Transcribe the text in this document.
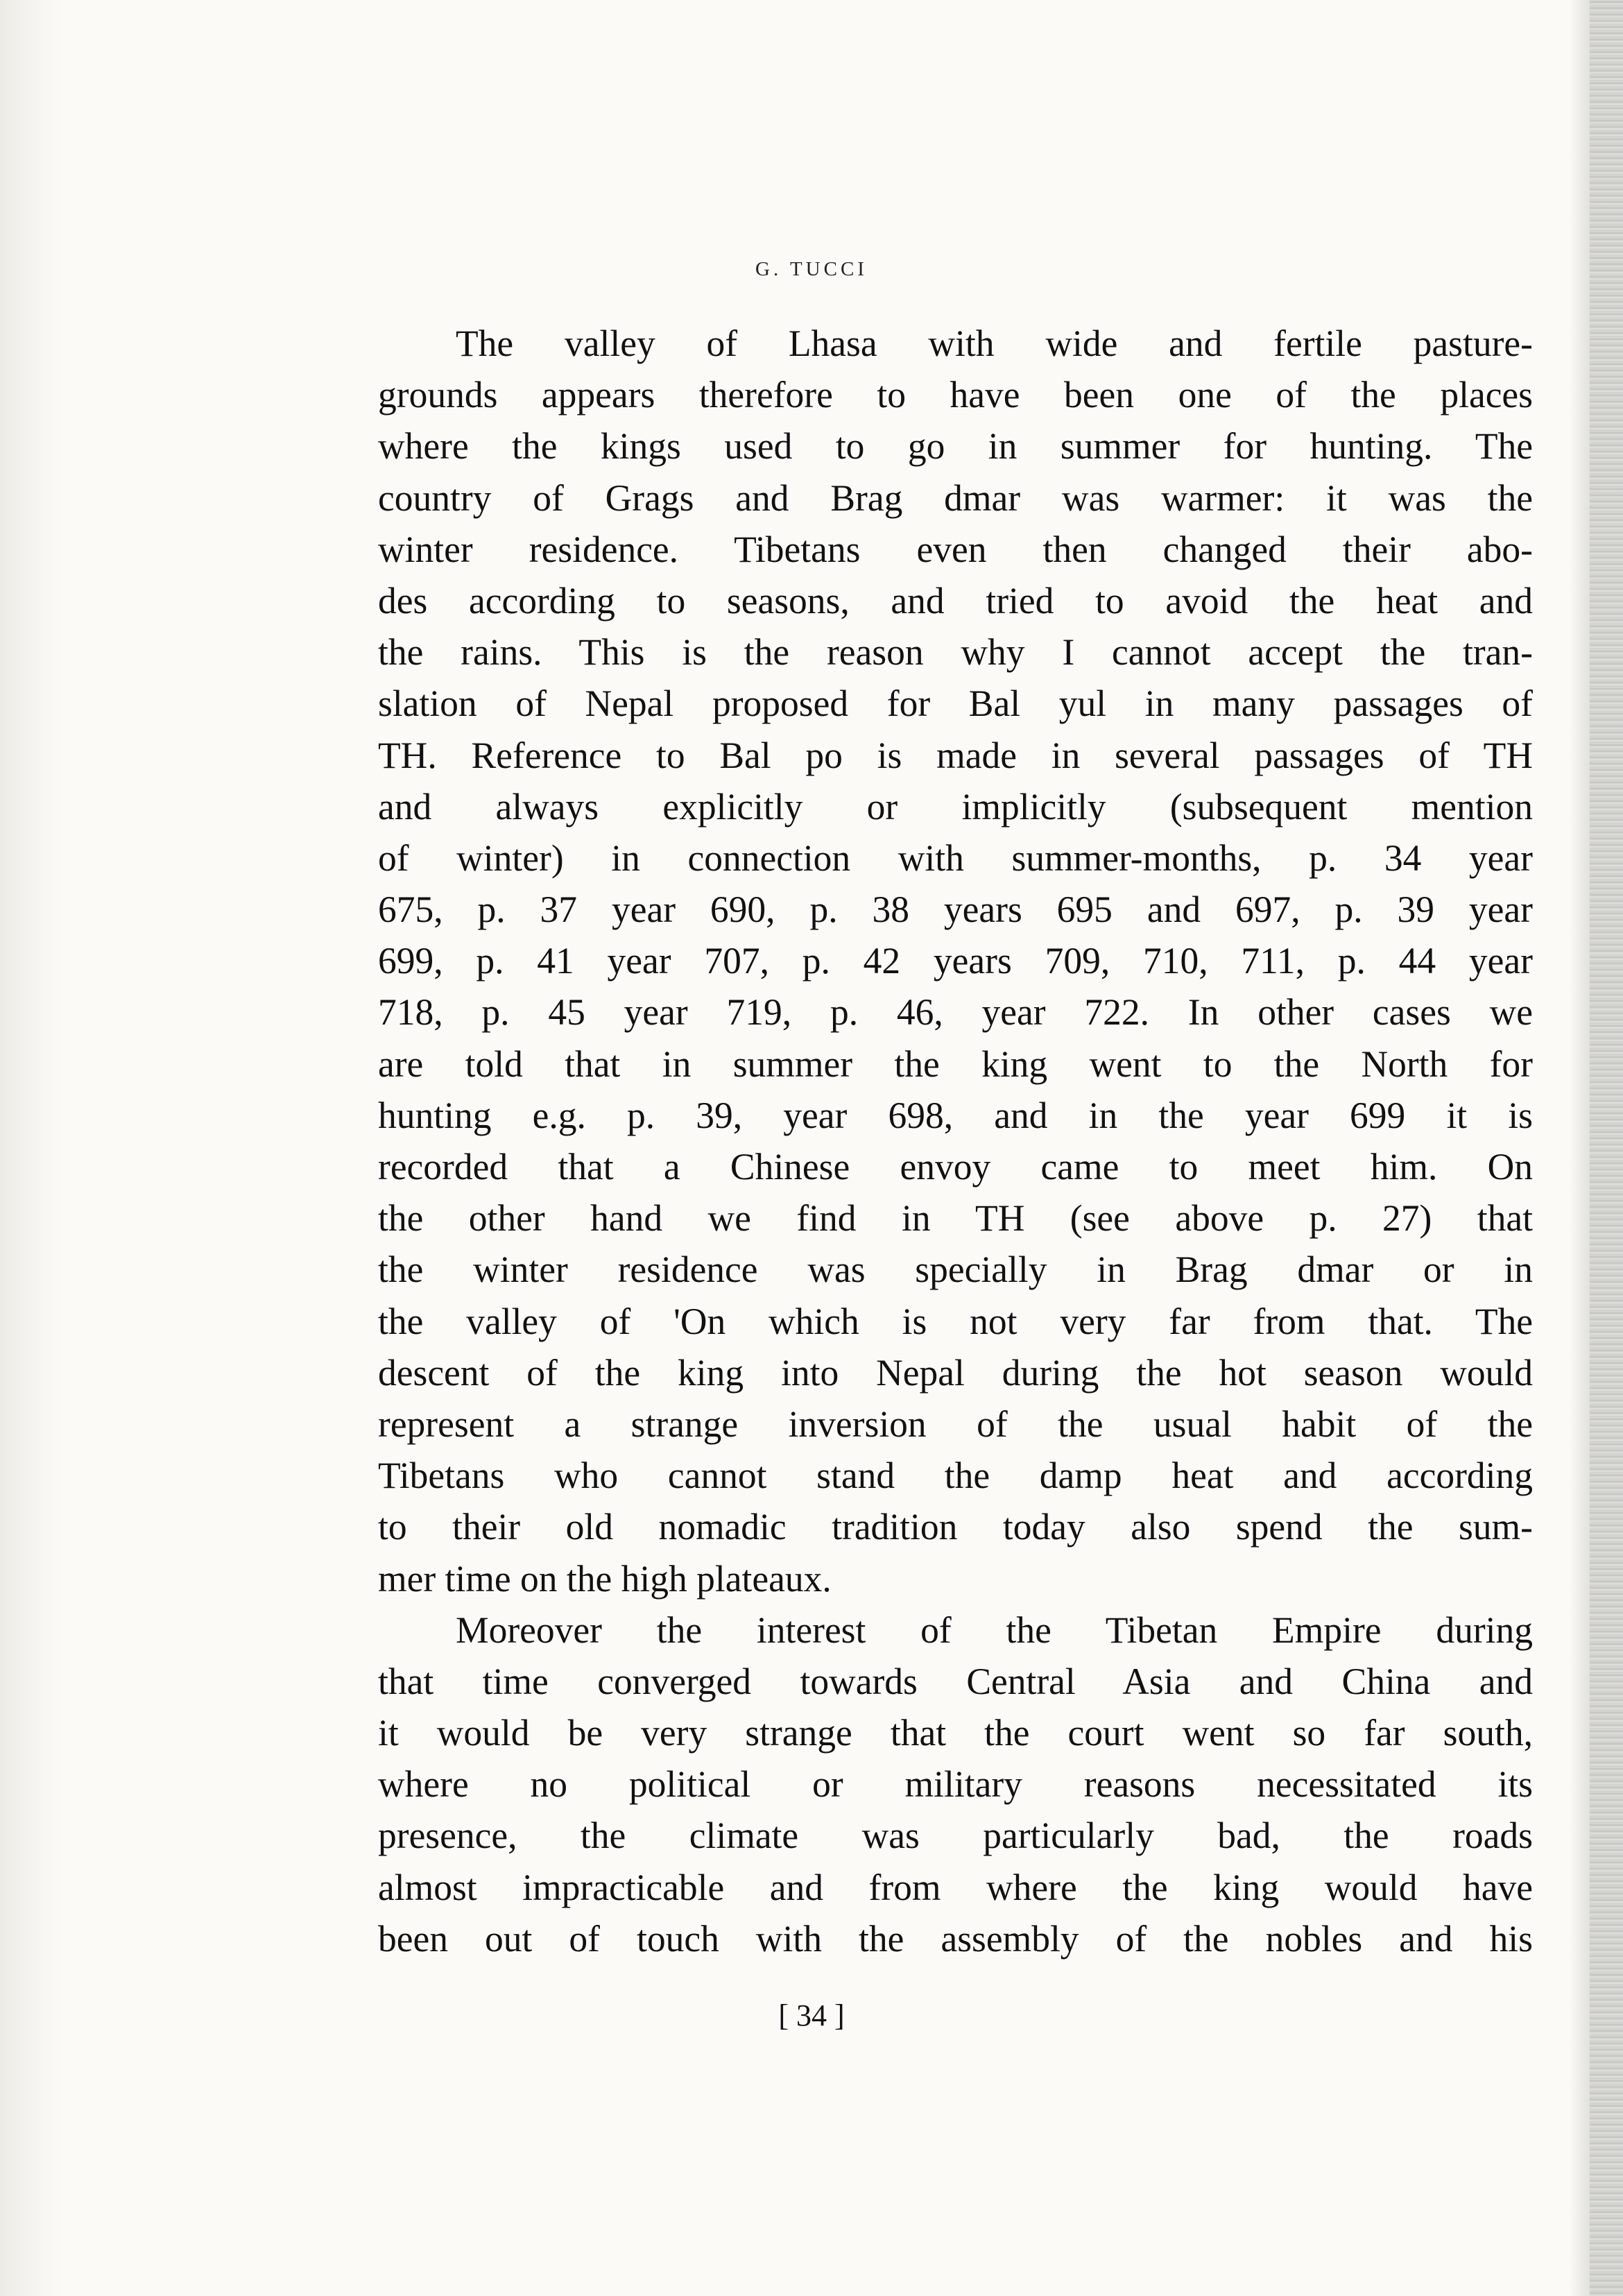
G. TUCCI
The valley of Lhasa with wide and fertile pasture-
grounds appears therefore to have been one of the places
where the kings used to go in summer for hunting. The
country of Grags and Brag dmar was warmer: it was the
winter residence. Tibetans even then changed their abo-
des according to seasons, and tried to avoid the heat and
the rains. This is the reason why I cannot accept the tran-
slation of Nepal proposed for Bal yul in many passages of
TH. Reference to Bal po is made in several passages of TH
and always explicitly or implicitly (subsequent mention
of winter) in connection with summer-months, p. 34 year
675, p. 37 year 690, p. 38 years 695 and 697, p. 39 year
699, p. 41 year 707, p. 42 years 709, 710, 711, p. 44 year
718, p. 45 year 719, p. 46, year 722. In other cases we
are told that in summer the king went to the North for
hunting e.g. p. 39, year 698, and in the year 699 it is
recorded that a Chinese envoy came to meet him. On
the other hand we find in TH (see above p. 27) that
the winter residence was specially in Brag dmar or in
the valley of 'On which is not very far from that. The
descent of the king into Nepal during the hot season would
represent a strange inversion of the usual habit of the
Tibetans who cannot stand the damp heat and according
to their old nomadic tradition today also spend the sum-
mer time on the high plateaux.
Moreover the interest of the Tibetan Empire during
that time converged towards Central Asia and China and
it would be very strange that the court went so far south,
where no political or military reasons necessitated its
presence, the climate was particularly bad, the roads
almost impracticable and from where the king would have
been out of touch with the assembly of the nobles and his
[ 34 ]
